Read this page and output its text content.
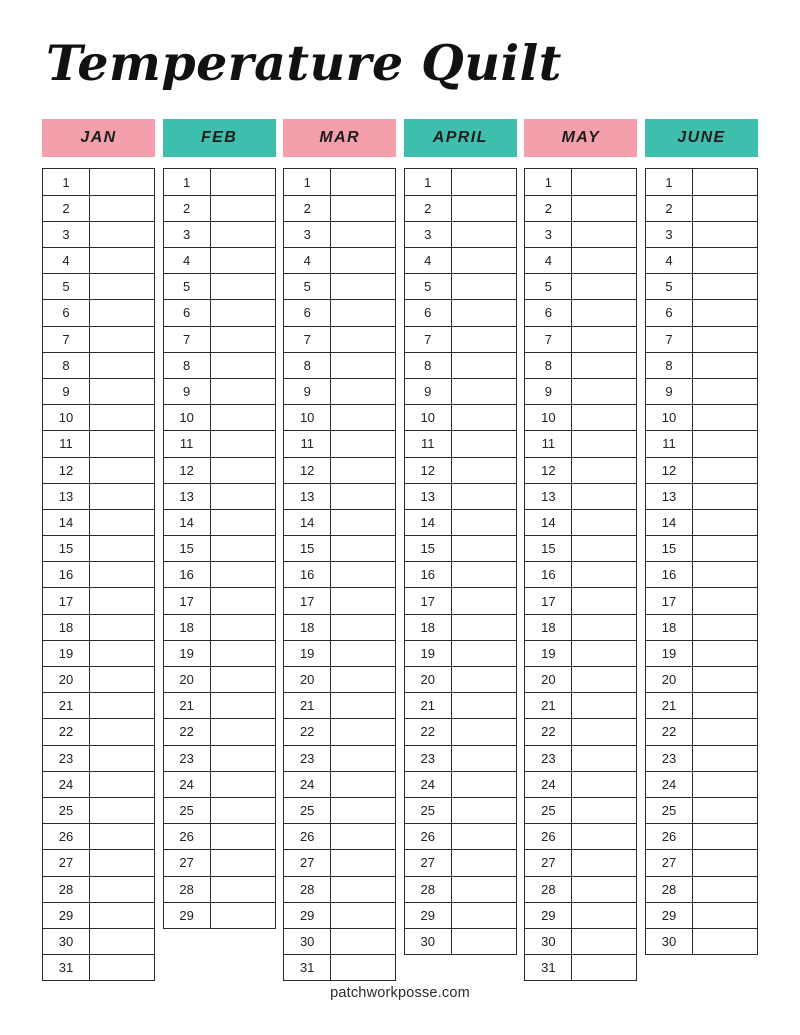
Temperature Quilt
JAN
1
2
3
4
5
6
7
8
9
10
11
12
13
14
15
16
17
18
19
20
21
22
23
24
25
26
27
28
29
30
31
FEB
1
2
3
4
5
6
7
8
9
10
11
12
13
14
15
16
17
18
19
20
21
22
23
24
25
26
27
28
29
MAR
1
2
3
4
5
6
7
8
9
10
11
12
13
14
15
16
17
18
19
20
21
22
23
24
25
26
27
28
29
30
31
APRIL
1
2
3
4
5
6
7
8
9
10
11
12
13
14
15
16
17
18
19
20
21
22
23
24
25
26
27
28
29
30
MAY
1
2
3
4
5
6
7
8
9
10
11
12
13
14
15
16
17
18
19
20
21
22
23
24
25
26
27
28
29
30
31
JUNE
1
2
3
4
5
6
7
8
9
10
11
12
13
14
15
16
17
18
19
20
21
22
23
24
25
26
27
28
29
30
patchworkposse.com
